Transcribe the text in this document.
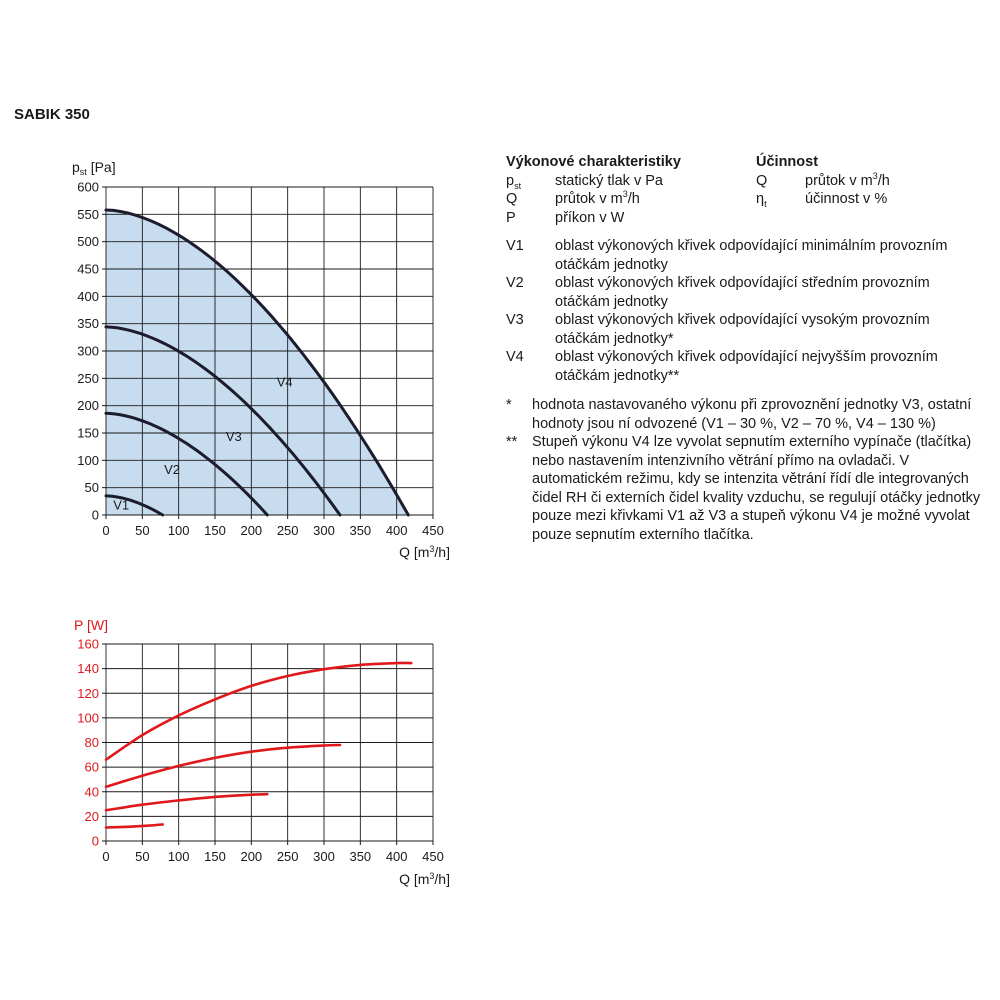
SABIK 350
0 50 100 150 200 250 300 350 400 450
0
50
100
150
200
250
300
350
400
450
500
550
600
V1
V2
V3
V4
$p_{st}$ [Pa]
Q $[m^3/h]$
0 50 100 150 200 250 300 350 400 450
0
20
40
60
80
100
120
140
160
P [W]
Q $[m^3/h]$
Výkonové charakteristiky	Účinnost
$p_{st}$ statický tlak v Pa	Q	průtok v $m^3/h$
Q	průtok v $m^3/h$	$\eta_t$	účinnost v %
P	příkon v W
V1	oblast výkonových křivek odpovídající minimálním provozním otáčkám jednotky
V2	oblast výkonových křivek odpovídající středním provozním otáčkám jednotky
V3	oblast výkonových křivek odpovídající vysokým provozním otáčkám jednotky*
V4	oblast výkonových křivek odpovídající nejvyšším provozním otáčkám jednotky**
*	hodnota nastavovaného výkonu při zprovoznění jednotky V3, ostatní hodnoty jsou ní odvozené (V1 – 30 %, V2 – 70 %, V4 – 130 %)
**	Stupeň výkonu V4 lze vyvolat sepnutím externího vypínače (tlačítka) nebo nastavením intenzivního větrání přímo na ovladači. V automatickém režimu, kdy se intenzita větrání řídí dle integrovaných čidel RH či externích čidel kvality vzduchu, se regulují otáčky jednotky pouze mezi křivkami V1 až V3 a stupeň výkonu V4 je možné vyvolat pouze sepnutím externího tlačítka.
